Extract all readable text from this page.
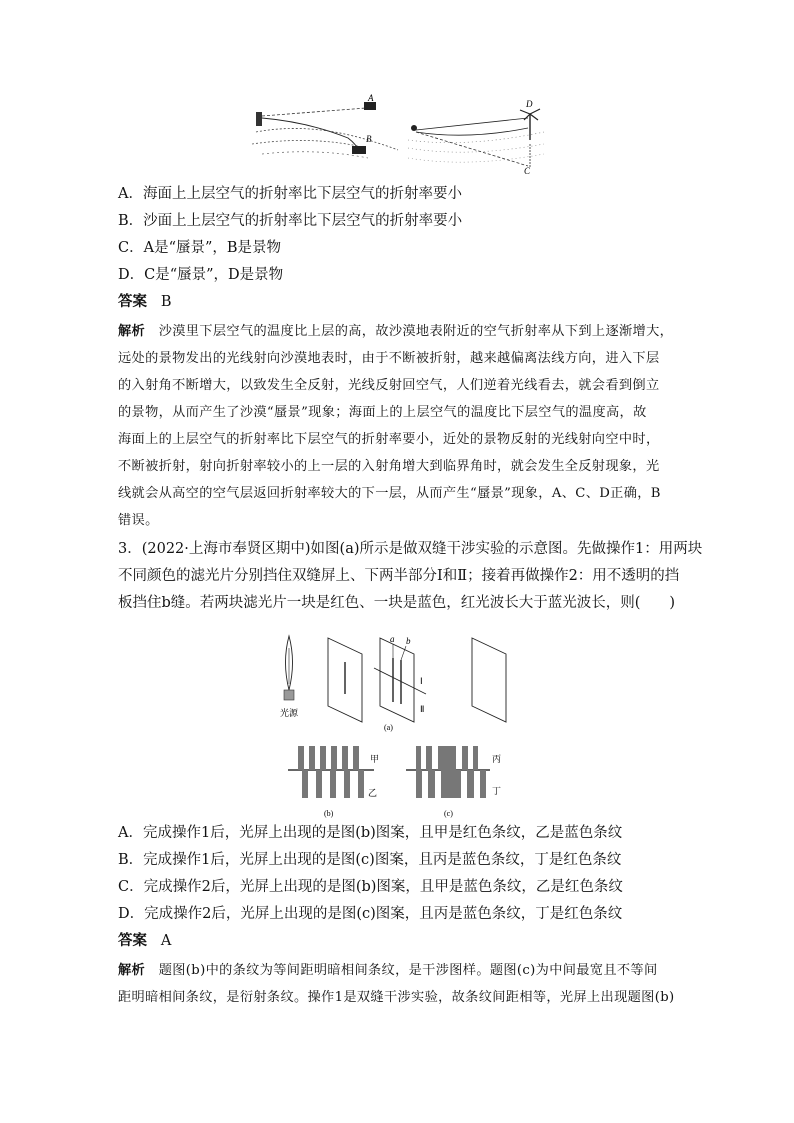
A
B
D
C
A．海面上上层空气的折射率比下层空气的折射率要小
B．沙面上上层空气的折射率比下层空气的折射率要小
C．A是“蜃景”，B是景物
D．C是“蜃景”，D是景物
答案 B
解析 沙漠里下层空气的温度比上层的高，故沙漠地表附近的空气折射率从下到上逐渐增大，
远处的景物发出的光线射向沙漠地表时，由于不断被折射，越来越偏离法线方向，进入下层
的入射角不断增大，以致发生全反射，光线反射回空气，人们逆着光线看去，就会看到倒立
的景物，从而产生了沙漠“蜃景”现象；海面上的上层空气的温度比下层空气的温度高，故
海面上的上层空气的折射率比下层空气的折射率要小，近处的景物反射的光线射向空中时，
不断被折射，射向折射率较小的上一层的入射角增大到临界角时，就会发生全反射现象，光
线就会从高空的空气层返回折射率较大的下一层，从而产生“蜃景”现象，A、C、D正确，B
错误。
3．(2022·上海市奉贤区期中)如图(a)所示是做双缝干涉实验的示意图。先做操作1：用两块
不同颜色的滤光片分别挡住双缝屏上、下两半部分Ⅰ和Ⅱ；接着再做操作2：用不透明的挡
板挡住b缝。若两块滤光片一块是红色、一块是蓝色，红光波长大于蓝光波长，则(　　)
光源
a b
Ⅰ
Ⅱ
(a)
甲
乙
(b)
丙
丁
(c)
A．完成操作1后，光屏上出现的是图(b)图案，且甲是红色条纹，乙是蓝色条纹
B．完成操作1后，光屏上出现的是图(c)图案，且丙是蓝色条纹，丁是红色条纹
C．完成操作2后，光屏上出现的是图(b)图案，且甲是蓝色条纹，乙是红色条纹
D．完成操作2后，光屏上出现的是图(c)图案，且丙是蓝色条纹，丁是红色条纹
答案 A
解析 题图(b)中的条纹为等间距明暗相间条纹，是干涉图样。题图(c)为中间最宽且不等间
距明暗相间条纹，是衍射条纹。操作1是双缝干涉实验，故条纹间距相等，光屏上出现题图(b)
